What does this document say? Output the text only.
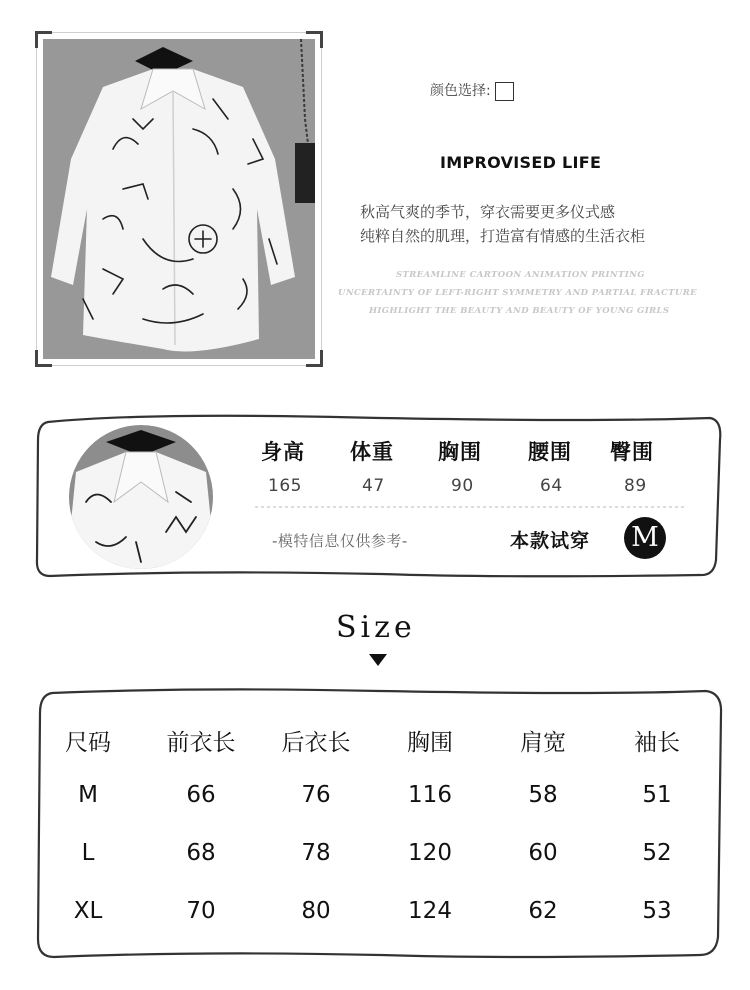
颜色选择:
IMPROVISED LIFE
秋高气爽的季节，穿衣需要更多仪式感
纯粹自然的肌理，打造富有情感的生活衣柜
STREAMLINE CARTOON ANIMATION PRINTING
UNCERTAINTY OF LEFT-RIGHT SYMMETRY AND PARTIAL FRACTURE
HIGHLIGHT THE BEAUTY AND BEAUTY OF YOUNG GIRLS
身高 体重 胸围 腰围 臀围
165	47	90	64	89
-模特信息仅供参考-	本款试穿 M
Size
尺码	前衣长	后衣长	胸围	肩宽	袖长
M	66	76	116	58	51
L	68	78	120	60	52
XL	70	80	124	62	53
